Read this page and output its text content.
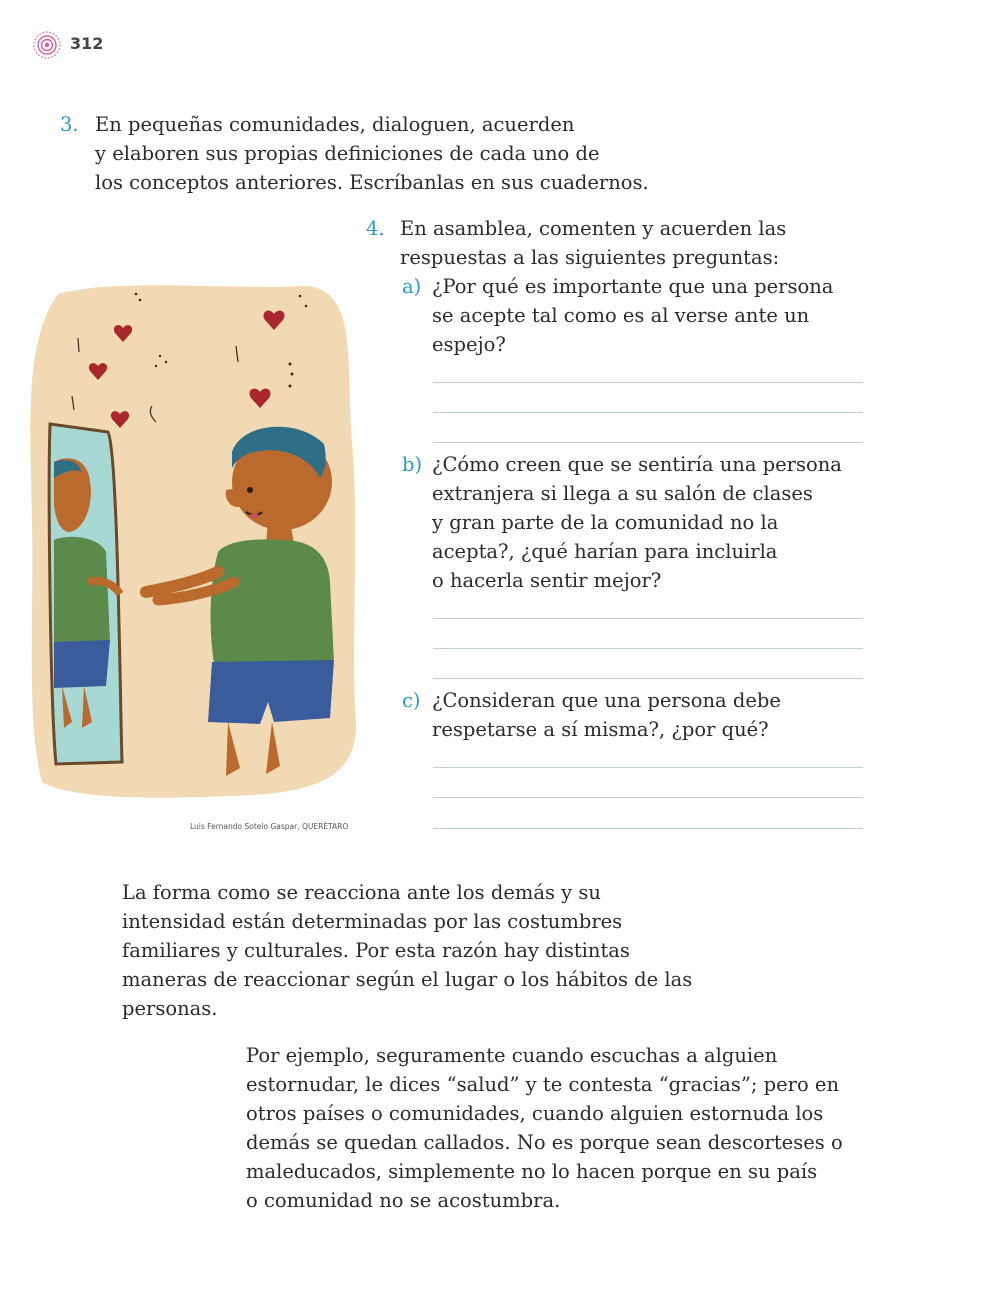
312
3. En pequeñas comunidades, dialoguen, acuerden
y elaboren sus propias definiciones de cada uno de
los conceptos anteriores. Escríbanlas en sus cuadernos.
4. En asamblea, comenten y acuerden las
respuestas a las siguientes preguntas:
a) ¿Por qué es importante que una persona
se acepte tal como es al verse ante un
espejo?
b) ¿Cómo creen que se sentiría una persona
extranjera si llega a su salón de clases
y gran parte de la comunidad no la
acepta?, ¿qué harían para incluirla
o hacerla sentir mejor?
c) ¿Consideran que una persona debe
respetarse a sí misma?, ¿por qué?
Luis Fernando Sotelo Gaspar, QUERÉTARO
La forma como se reacciona ante los demás y su
intensidad están determinadas por las costumbres
familiares y culturales. Por esta razón hay distintas
maneras de reaccionar según el lugar o los hábitos de las
personas.
Por ejemplo, seguramente cuando escuchas a alguien
estornudar, le dices “salud” y te contesta “gracias”; pero en
otros países o comunidades, cuando alguien estornuda los
demás se quedan callados. No es porque sean descorteses o
maleducados, simplemente no lo hacen porque en su país
o comunidad no se acostumbra.
